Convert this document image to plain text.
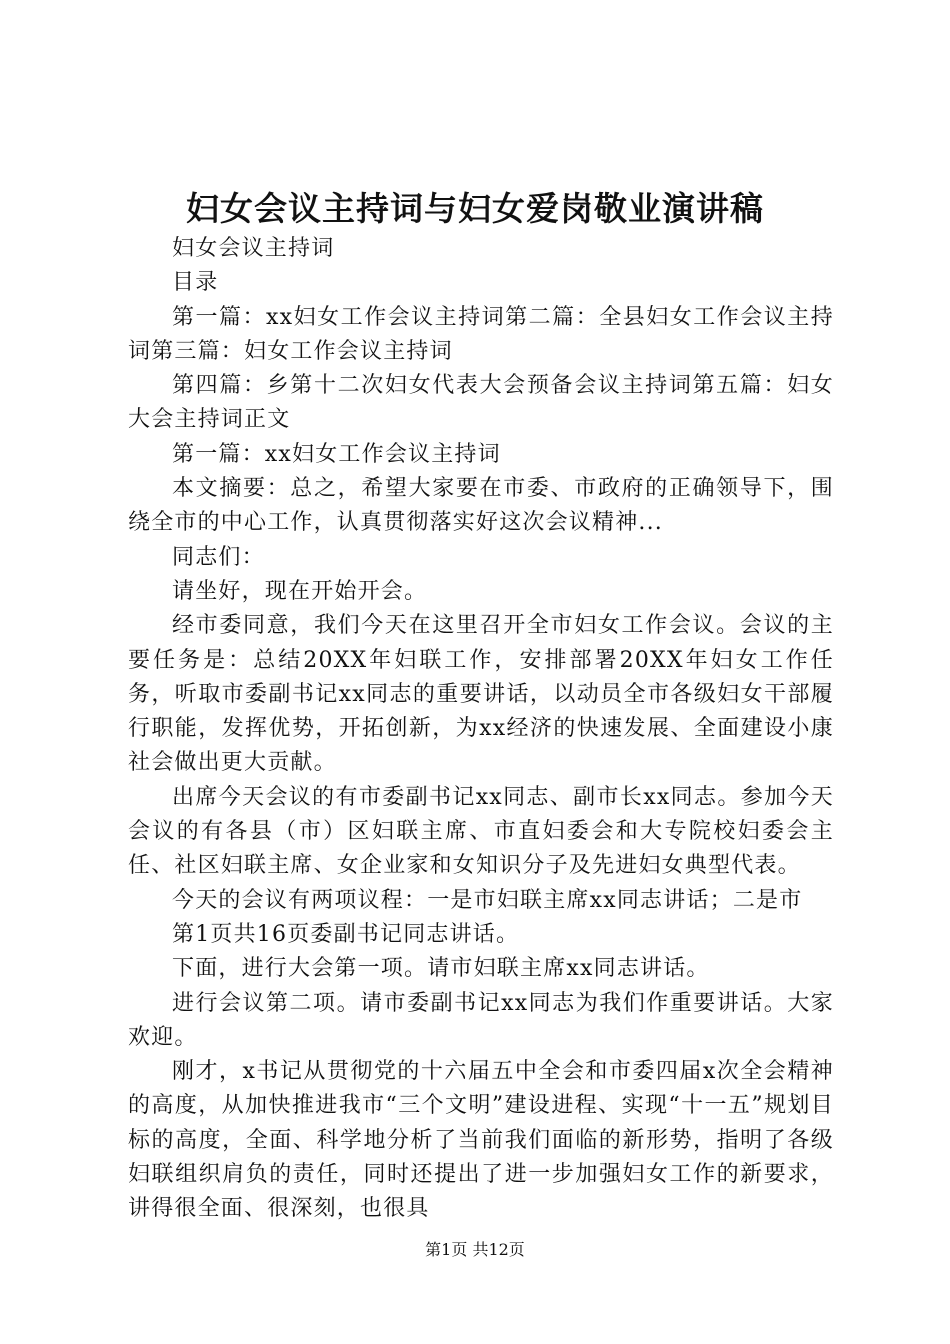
妇女会议主持词与妇女爱岗敬业演讲稿

妇女会议主持词

目录

第一篇：xx妇女工作会议主持词第二篇：全县妇女工作会议主持词第三篇：妇女工作会议主持词

第四篇：乡第十二次妇女代表大会预备会议主持词第五篇：妇女大会主持词正文

第一篇：xx妇女工作会议主持词

本文摘要：总之，希望大家要在市委、市政府的正确领导下，围绕全市的中心工作，认真贯彻落实好这次会议精神...

同志们：

请坐好，现在开始开会。

经市委同意，我们今天在这里召开全市妇女工作会议。会议的主要任务是：总结20XX年妇联工作，安排部署20XX年妇女工作任务，听取市委副书记xx同志的重要讲话，以动员全市各级妇女干部履行职能，发挥优势，开拓创新，为xx经济的快速发展、全面建设小康社会做出更大贡献。

出席今天会议的有市委副书记xx同志、副市长xx同志。参加今天会议的有各县（市）区妇联主席、市直妇委会和大专院校妇委会主任、社区妇联主席、女企业家和女知识分子及先进妇女典型代表。

今天的会议有两项议程：一是市妇联主席xx同志讲话；二是市

第1页共16页委副书记同志讲话。

下面，进行大会第一项。请市妇联主席xx同志讲话。

进行会议第二项。请市委副书记xx同志为我们作重要讲话。大家欢迎。

刚才，x书记从贯彻党的十六届五中全会和市委四届x次全会精神的高度，从加快推进我市“三个文明”建设进程、实现“十一五”规划目标的高度，全面、科学地分析了当前我们面临的新形势，指明了各级妇联组织肩负的责任，同时还提出了进一步加强妇女工作的新要求，讲得很全面、很深刻，也很具

第1页 共12页
